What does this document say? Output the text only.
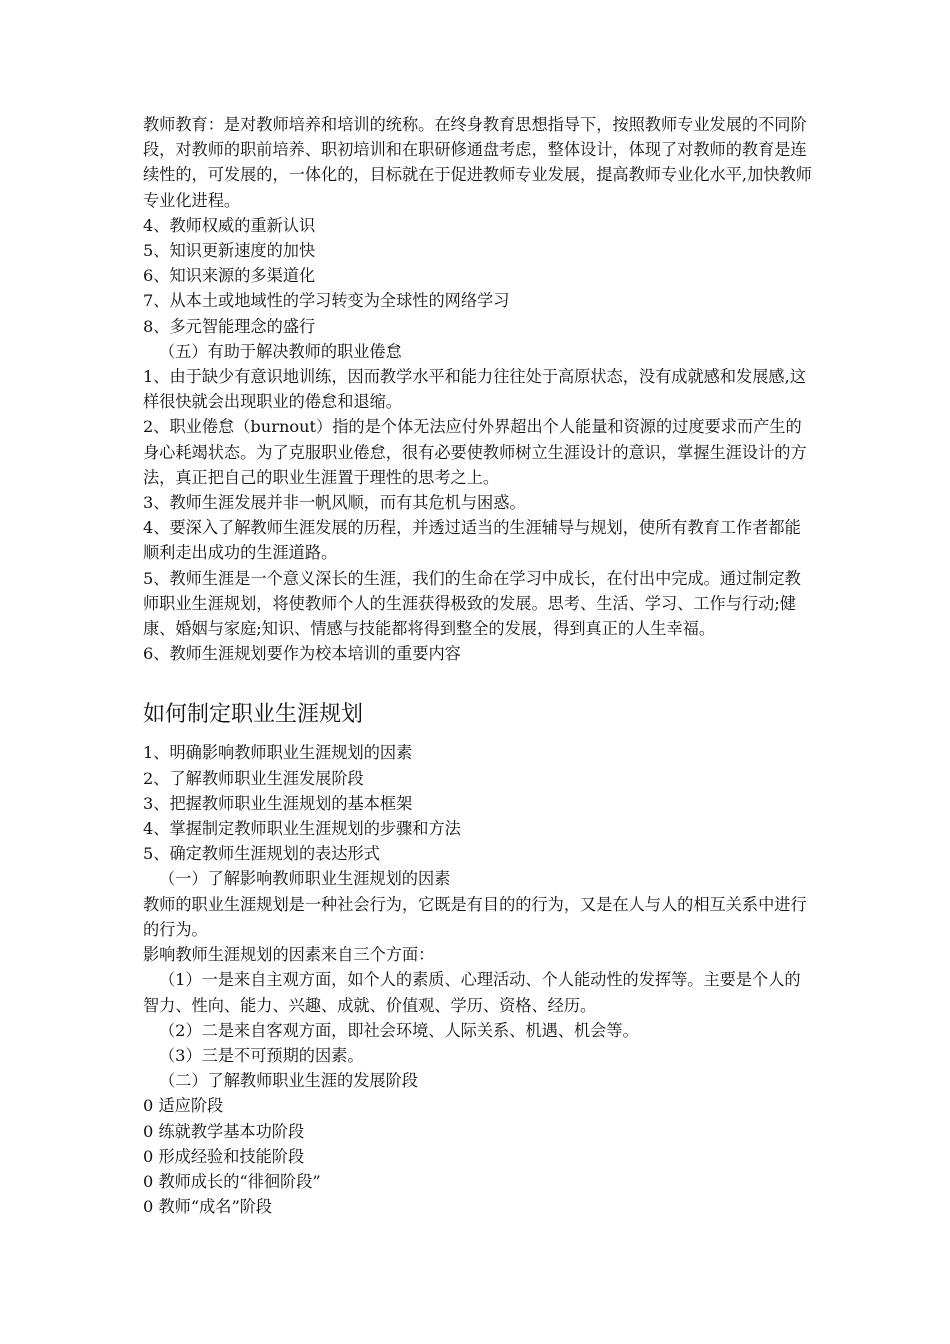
教师教育：是对教师培养和培训的统称。在终身教育思想指导下，按照教师专业发展的不同阶段，对教师的职前培养、职初培训和在职研修通盘考虑，整体设计，体现了对教师的教育是连续性的，可发展的，一体化的，目标就在于促进教师专业发展，提高教师专业化水平,加快教师专业化进程。

4、教师权威的重新认识

5、知识更新速度的加快

6、知识来源的多渠道化

7、从本土或地域性的学习转变为全球性的网络学习

8、多元智能理念的盛行

（五）有助于解决教师的职业倦怠

1、由于缺少有意识地训练，因而教学水平和能力往往处于高原状态，没有成就感和发展感,这样很快就会出现职业的倦怠和退缩。

2、职业倦怠（burnout）指的是个体无法应付外界超出个人能量和资源的过度要求而产生的身心耗竭状态。为了克服职业倦怠，很有必要使教师树立生涯设计的意识，掌握生涯设计的方法，真正把自己的职业生涯置于理性的思考之上。

3、教师生涯发展并非一帆风顺，而有其危机与困惑。

4、要深入了解教师生涯发展的历程，并透过适当的生涯辅导与规划，使所有教育工作者都能顺利走出成功的生涯道路。

5、教师生涯是一个意义深长的生涯，我们的生命在学习中成长，在付出中完成。通过制定教师职业生涯规划，将使教师个人的生涯获得极致的发展。思考、生活、学习、工作与行动;健康、婚姻与家庭;知识、情感与技能都将得到整全的发展，得到真正的人生幸福。

6、教师生涯规划要作为校本培训的重要内容

如何制定职业生涯规划

1、明确影响教师职业生涯规划的因素

2、了解教师职业生涯发展阶段

3、把握教师职业生涯规划的基本框架

4、掌握制定教师职业生涯规划的步骤和方法

5、确定教师生涯规划的表达形式

（一）了解影响教师职业生涯规划的因素

教师的职业生涯规划是一种社会行为，它既是有目的的行为，又是在人与人的相互关系中进行的行为。

影响教师生涯规划的因素来自三个方面：

（1）一是来自主观方面，如个人的素质、心理活动、个人能动性的发挥等。主要是个人的智力、性向、能力、兴趣、成就、价值观、学历、资格、经历。

（2）二是来自客观方面，即社会环境、人际关系、机遇、机会等。

（3）三是不可预期的因素。

（二）了解教师职业生涯的发展阶段

0 适应阶段

0 练就教学基本功阶段

0 形成经验和技能阶段

0 教师成长的“徘徊阶段”

0 教师“成名”阶段
